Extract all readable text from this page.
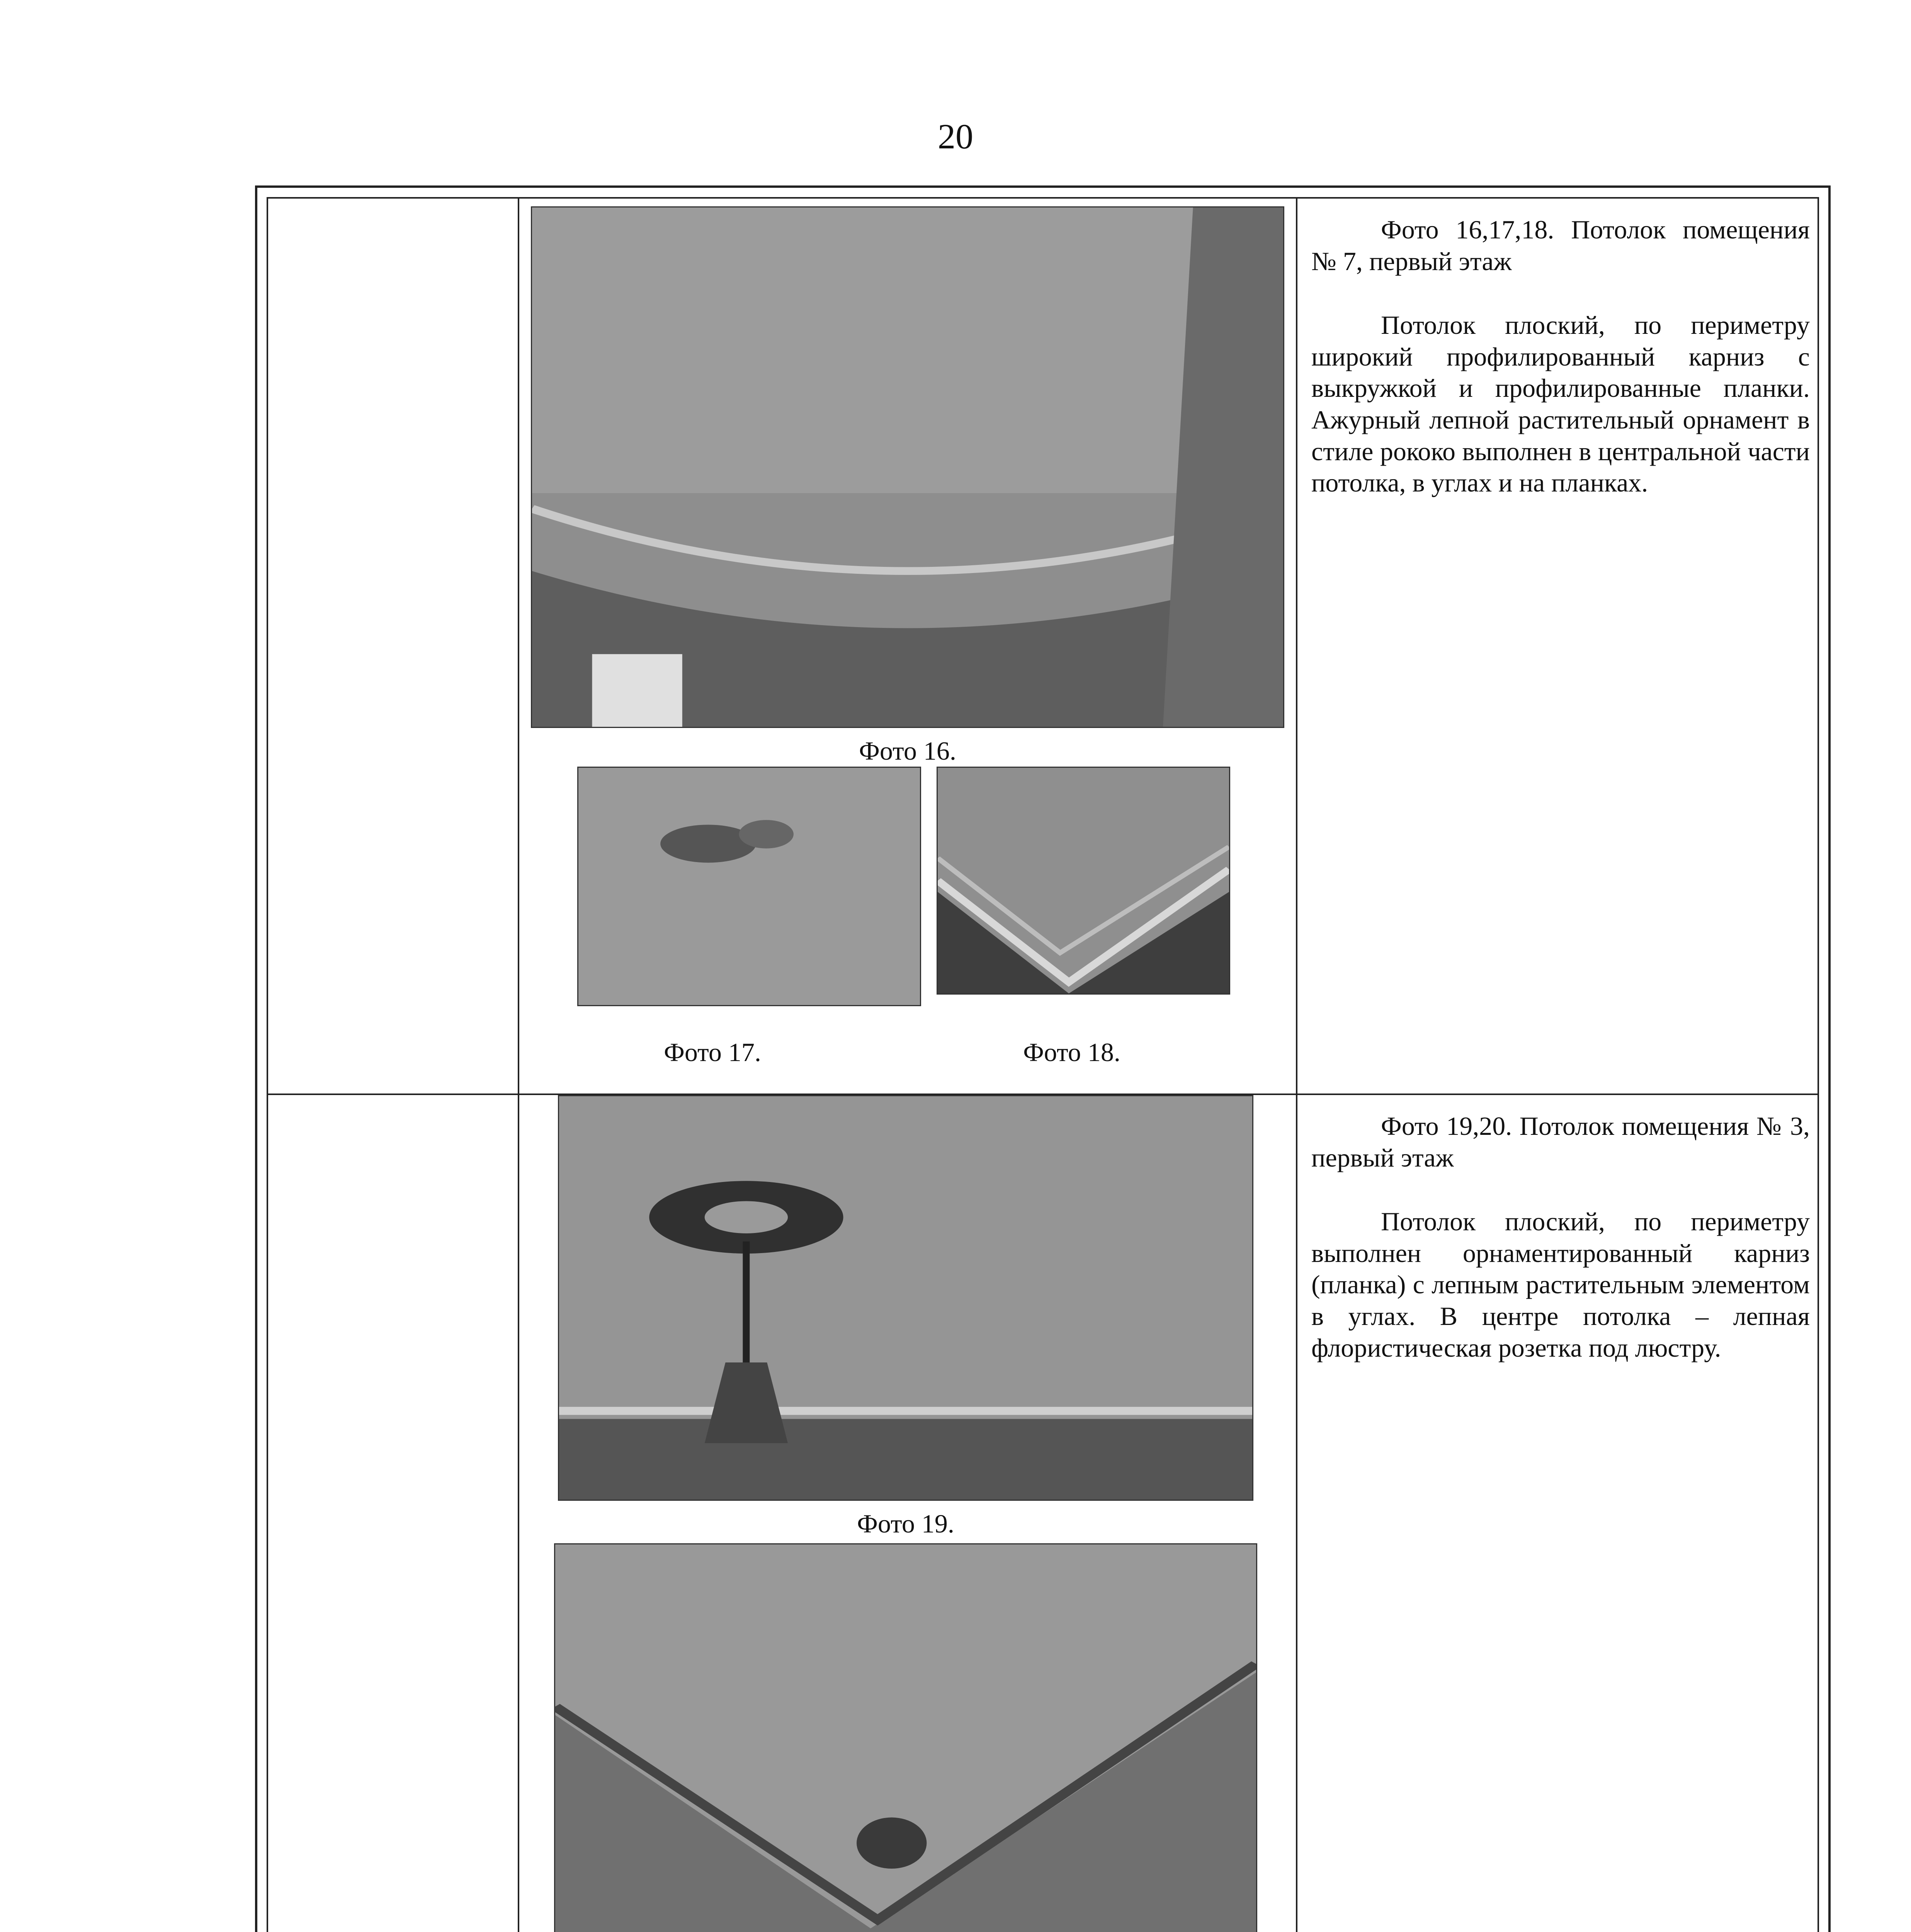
20
Фото 16.
Фото 17.	Фото 18.

Фото 16,17,18. Потолок помещения № 7, первый этаж

Потолок плоский, по периметру широкий профилированный карниз с выкружкой и профилированные планки. Ажурный лепной растительный орнамент в стиле рококо выполнен в центральной части потолка, в углах и на планках.

Фото 19.

Фото 19,20. Потолок помещения № 3, первый этаж

Потолок плоский, по периметру выполнен орнаментированный карниз (планка) с лепным растительным элементом в углах. В центре потолка – лепная флористическая розетка под люстру.
